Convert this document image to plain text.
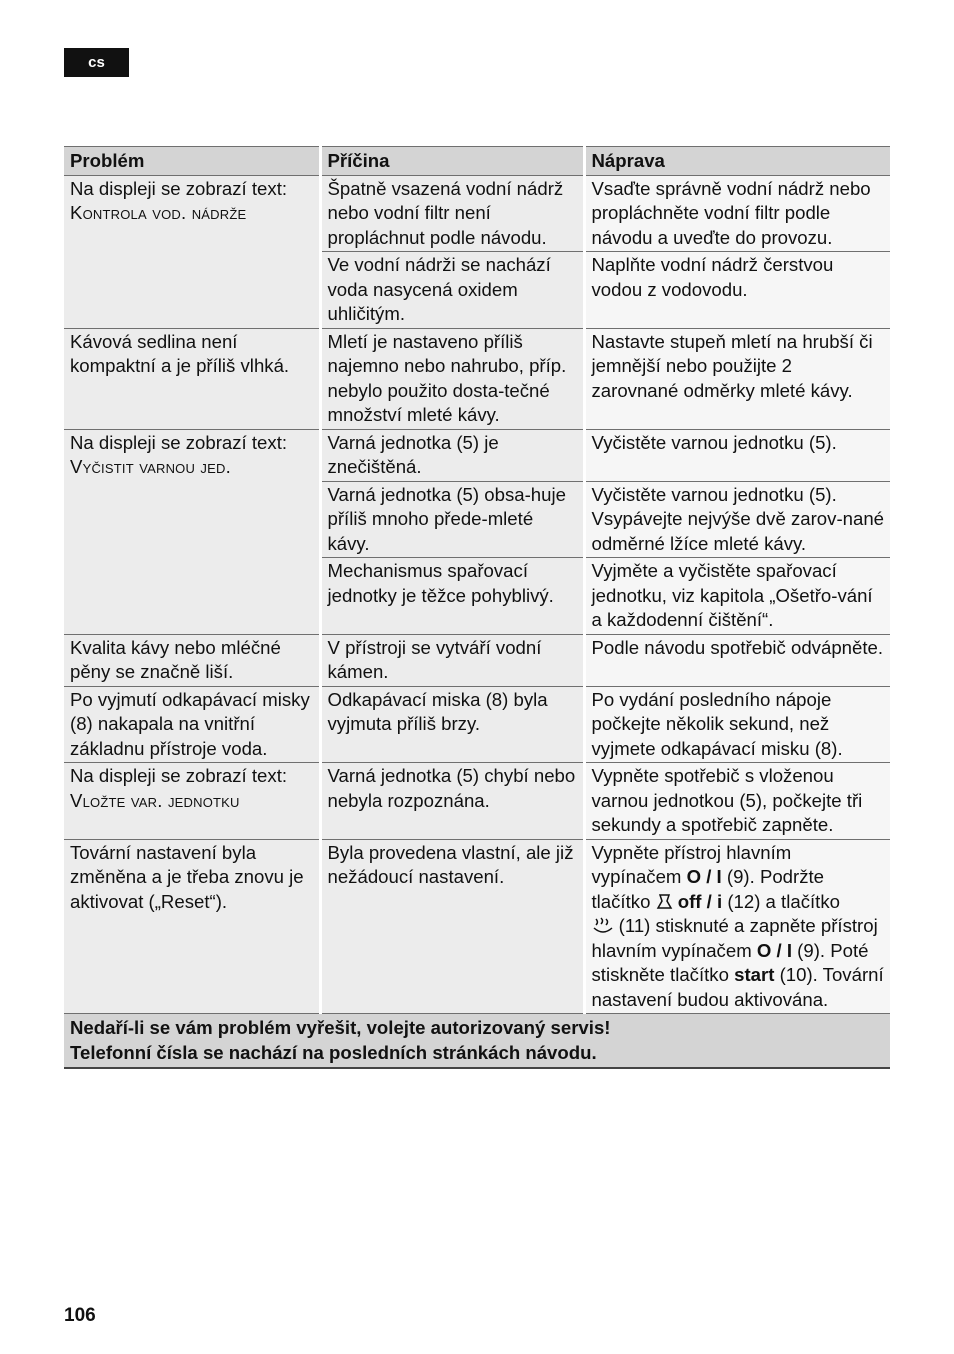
cs
Problém	Příčina	Náprava
Na displeji se zobrazí text:
Kontrola vod. nádrže	Špatně vsazená vodní nádrž nebo vodní filtr není propláchnut podle návodu.	Vsaďte správně vodní nádrž nebo propláchněte vodní filtr podle návodu a uveďte do provozu.
	Ve vodní nádrži se nachází voda nasycená oxidem uhličitým.	Naplňte vodní nádrž čerstvou vodou z vodovodu.
Kávová sedlina není kompaktní a je příliš vlhká.	Mletí je nastaveno příliš najemno nebo nahrubo, příp. nebylo použito dosta-tečné množství mleté kávy.	Nastavte stupeň mletí na hrubší či jemnější nebo použijte 2 zarovnané odměrky mleté kávy.
Na displeji se zobrazí text:
Vyčistit varnou jed.	Varná jednotka (5) je znečištěná.	Vyčistěte varnou jednotku (5).
	Varná jednotka (5) obsa-huje příliš mnoho přede-mleté kávy.	Vyčistěte varnou jednotku (5). Vsypávejte nejvýše dvě zarov-nané odměrné lžíce mleté kávy.
	Mechanismus spařovací jednotky je těžce pohyblivý.	Vyjměte a vyčistěte spařovací jednotku, viz kapitola „Ošetřo-vání a každodenní čištění“.
Kvalita kávy nebo mléčné pěny se značně liší.	V přístroji se vytváří vodní kámen.	Podle návodu spotřebič odvápněte.
Po vyjmutí odkapávací misky (8) nakapala na vnitřní základnu přístroje voda.	Odkapávací miska (8) byla vyjmuta příliš brzy.	Po vydání posledního nápoje počkejte několik sekund, než vyjmete odkapávací misku (8).
Na displeji se zobrazí text:
Vložte var. jednotku	Varná jednotka (5) chybí nebo nebyla rozpoznána.	Vypněte spotřebič s vloženou varnou jednotkou (5), počkejte tři sekundy a spotřebič zapněte.
Tovární nastavení byla změněna a je třeba znovu je aktivovat („Reset“).	Byla provedena vlastní, ale již nežádoucí nastavení.	Vypněte přístroj hlavním vypínačem O / I (9). Podržte tlačítko  off / i (12) a tlačítko
(11) stisknuté a zapněte přístroj hlavním vypínačem O / I (9). Poté stiskněte tlačítko start (10). Tovární nastavení budou aktivována.
Nedaří-li se vám problém vyřešit, volejte autorizovaný servis!
Telefonní čísla se nachází na posledních stránkách návodu.		
106
